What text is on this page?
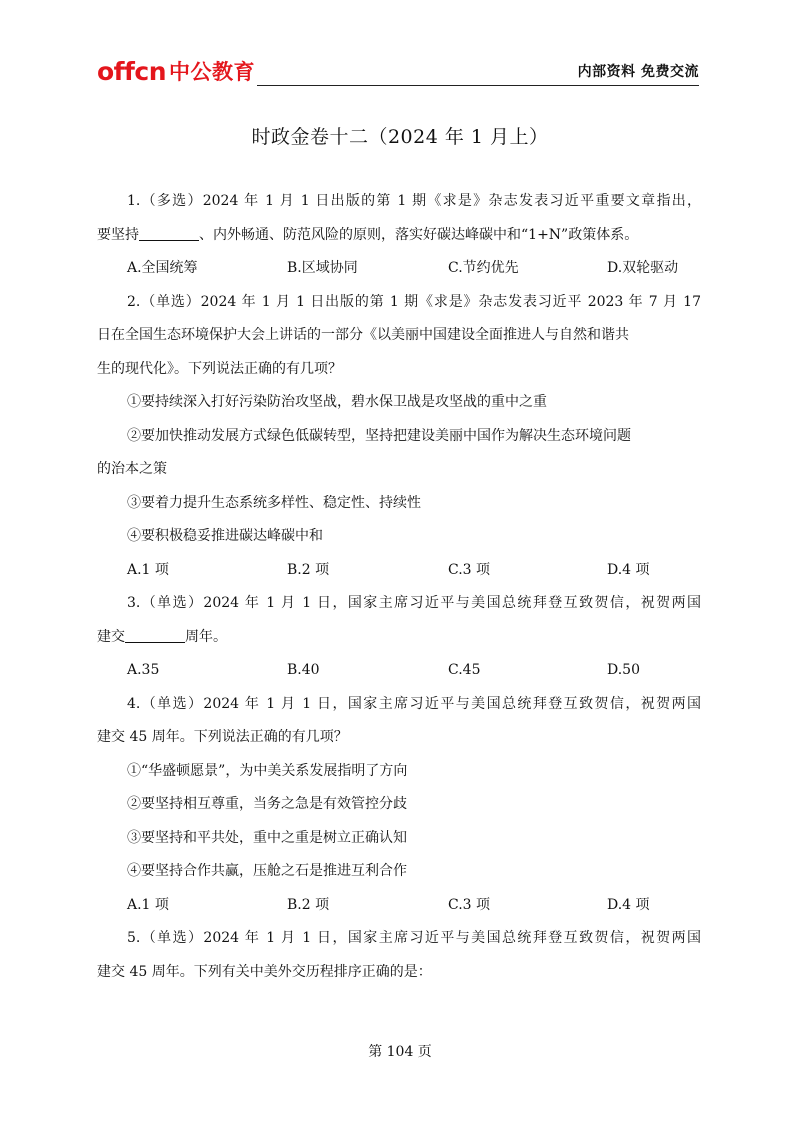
offcn 中公教育	内部资料 免费交流
时政金卷十二（2024 年 1 月上）
1.（多选）2024 年 1 月 1 日出版的第 1 期《求是》杂志发表习近平重要文章指出，
要坚持	、内外畅通、防范风险的原则，落实好碳达峰碳中和“1+N”政策体系。
A.全国统筹	B.区域协同	C.节约优先	D.双轮驱动
2.（单选）2024 年 1 月 1 日出版的第 1 期《求是》杂志发表习近平 2023 年 7 月 17
日在全国生态环境保护大会上讲话的一部分《以美丽中国建设全面推进人与自然和谐共
生的现代化》。下列说法正确的有几项？
①要持续深入打好污染防治攻坚战，碧水保卫战是攻坚战的重中之重
②要加快推动发展方式绿色低碳转型，坚持把建设美丽中国作为解决生态环境问题
的治本之策
③要着力提升生态系统多样性、稳定性、持续性
④要积极稳妥推进碳达峰碳中和
A.1 项	B.2 项	C.3 项	D.4 项
3.（单选）2024 年 1 月 1 日，国家主席习近平与美国总统拜登互致贺信，祝贺两国
建交	周年。
A.35	B.40	C.45	D.50
4.（单选）2024 年 1 月 1 日，国家主席习近平与美国总统拜登互致贺信，祝贺两国
建交 45 周年。下列说法正确的有几项？
①“华盛顿愿景”，为中美关系发展指明了方向
②要坚持相互尊重，当务之急是有效管控分歧
③要坚持和平共处，重中之重是树立正确认知
④要坚持合作共赢，压舱之石是推进互利合作
A.1 项	B.2 项	C.3 项	D.4 项
5.（单选）2024 年 1 月 1 日，国家主席习近平与美国总统拜登互致贺信，祝贺两国
建交 45 周年。下列有关中美外交历程排序正确的是：
第 104 页
